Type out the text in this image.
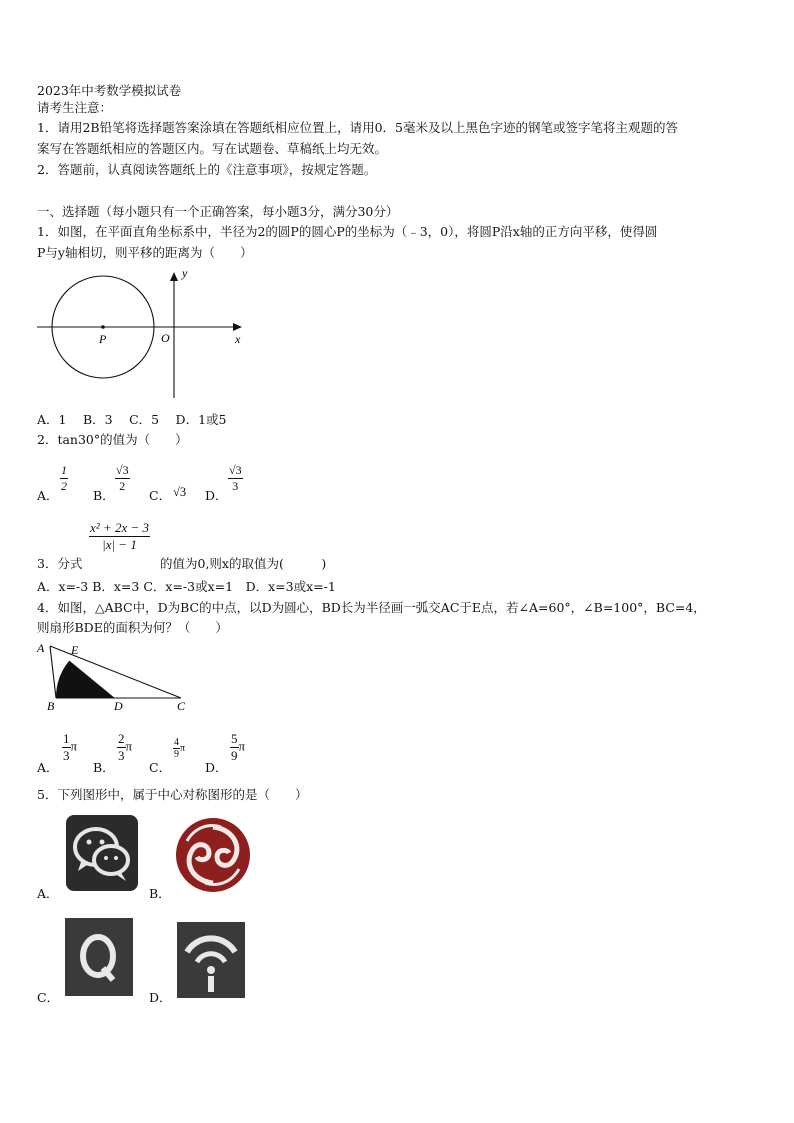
2023年中考数学模拟试卷
请考生注意：
1．请用2B铅笔将选择题答案涂填在答题纸相应位置上，请用0．5毫米及以上黑色字迹的钢笔或签字笔将主观题的答
案写在答题纸相应的答题区内。写在试题卷、草稿纸上均无效。
2．答题前，认真阅读答题纸上的《注意事项》，按规定答题。
一、选择题（每小题只有一个正确答案，每小题3分，满分30分）
1．如图，在平面直角坐标系中，半径为2的圆P的圆心P的坐标为（﹣3，0），将圆P沿x轴的正方向平移，使得圆
P与y轴相切，则平移的距离为（　　）
y
x
O
P
A．1　 B．3　 C．5　 D．1或5
2．tan30°的值为（　　）
A．
$\frac{1}{2}$
B．
$\frac{√3}{2}$
C． √3 D．
$\frac{√3}{3}$
$\frac{\text{x² + 2x − 3}}{|x| - 1}$
3．分式	的值为0,则x的取值为(　　　)
A．x=-3 B．x=3 C．x=-3或x=1　D．x=3或x=-1
4．如图，△ABC中，D为BC的中点，以D为圆心，BD长为半径画一弧交AC于E点，若∠A=60°，∠B=100°，BC=4，
则扇形BDE的面积为何？（　　）
A E
B	D	C
A．
$\frac{1}{3}$ π
B．
$\frac{2}{3}$ π
C．
$\frac{4}{9}$ π
D．
$\frac{5}{9}$ π
5．下列图形中，属于中心对称图形的是（　　）
A．	B．
C．	D．
